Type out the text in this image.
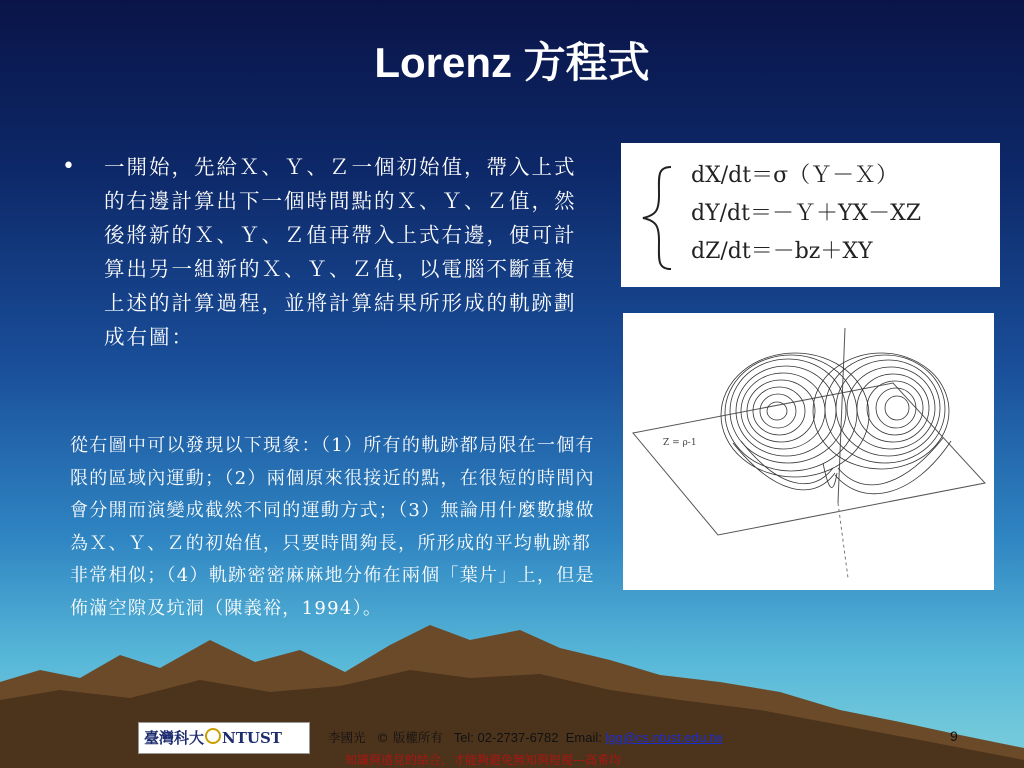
Lorenz 方程式
• 一開始，先給Ｘ、Ｙ、Ｚ一個初始值，帶入上式的右邊計算出下一個時間點的Ｘ、Ｙ、Ｚ值，然後將新的Ｘ、Ｙ、Ｚ值再帶入上式右邊，便可計算出另一組新的Ｘ、Ｙ、Ｚ值，以電腦不斷重複上述的計算過程，並將計算結果所形成的軌跡劃成右圖：
從右圖中可以發現以下現象：（1）所有的軌跡都局限在一個有限的區域內運動；（2）兩個原來很接近的點，在很短的時間內會分開而演變成截然不同的運動方式；（3）無論用什麼數據做為Ｘ、Ｙ、Ｚ的初始值，只要時間夠長，所形成的平均軌跡都非常相似；（4）軌跡密密麻麻地分佈在兩個「葉片」上，但是佈滿空隙及坑洞（陳義裕，1994）。
dX/dt＝σ（Ｙ－Ｘ）
dY/dt＝－Ｙ＋ΥX－XZ
dZ/dt＝－bz＋XY
Z = ρ-1
臺灣科大 NTUST	李國光 © 版權所有 Tel: 02-2737-6782 Email: lgg@cs.ntust.edu.tw
知識與遠見的結合，才能夠避免無知與短視---高希均
9
